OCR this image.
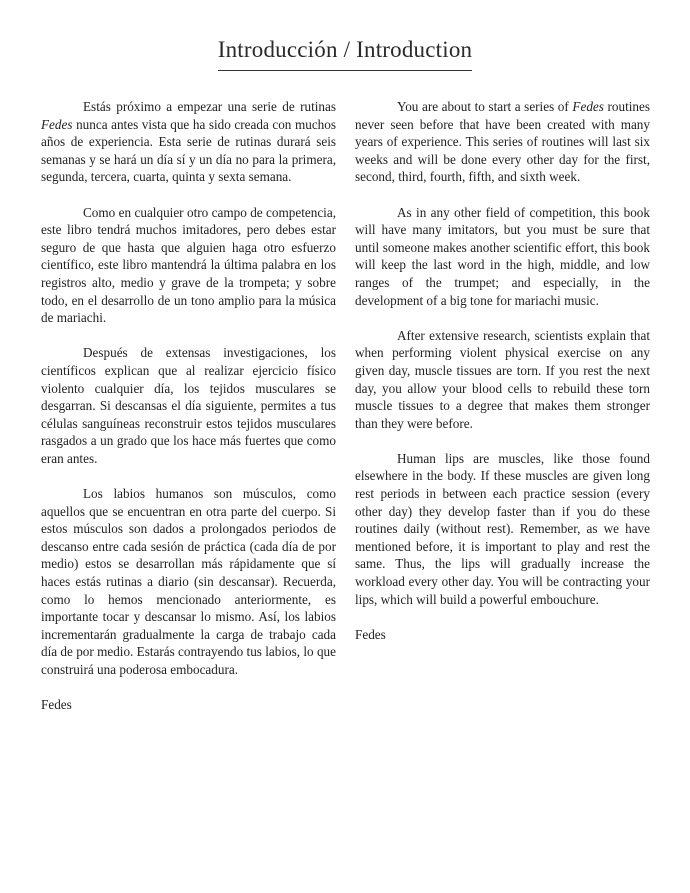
Introducción / Introduction

Estás próximo a empezar una serie de rutinas Fedes nunca antes vista que ha sido creada con muchos años de experiencia. Esta serie de rutinas durará seis semanas y se hará un día sí y un día no para la primera, segunda, tercera, cuarta, quinta y sexta semana.

Como en cualquier otro campo de competencia, este libro tendrá muchos imitadores, pero debes estar seguro de que hasta que alguien haga otro esfuerzo científico, este libro mantendrá la última palabra en los registros alto, medio y grave de la trompeta; y sobre todo, en el desarrollo de un tono amplio para la música de mariachi.

Después de extensas investigaciones, los científicos explican que al realizar ejercicio físico violento cualquier día, los tejidos musculares se desgarran. Si descansas el día siguiente, permites a tus células sanguíneas reconstruir estos tejidos musculares rasgados a un grado que los hace más fuertes que como eran antes.

Los labios humanos son músculos, como aquellos que se encuentran en otra parte del cuerpo. Si estos músculos son dados a prolongados periodos de descanso entre cada sesión de práctica (cada día de por medio) estos se desarrollan más rápidamente que sí haces estás rutinas a diario (sin descansar). Recuerda, como lo hemos mencionado anteriormente, es importante tocar y descansar lo mismo. Así, los labios incrementarán gradualmente la carga de trabajo cada día de por medio. Estarás contrayendo tus labios, lo que construirá una poderosa embocadura.

Fedes

You are about to start a series of Fedes routines never seen before that have been created with many years of experience. This series of routines will last six weeks and will be done every other day for the first, second, third, fourth, fifth, and sixth week.

As in any other field of competition, this book will have many imitators, but you must be sure that until someone makes another scientific effort, this book will keep the last word in the high, middle, and low ranges of the trumpet; and especially, in the development of a big tone for mariachi music.

After extensive research, scientists explain that when performing violent physical exercise on any given day, muscle tissues are torn. If you rest the next day, you allow your blood cells to rebuild these torn muscle tissues to a degree that makes them stronger than they were before.

Human lips are muscles, like those found elsewhere in the body. If these muscles are given long rest periods in between each practice session (every other day) they develop faster than if you do these routines daily (without rest). Remember, as we have mentioned before, it is important to play and rest the same. Thus, the lips will gradually increase the workload every other day. You will be contracting your lips, which will build a powerful embouchure.

Fedes
